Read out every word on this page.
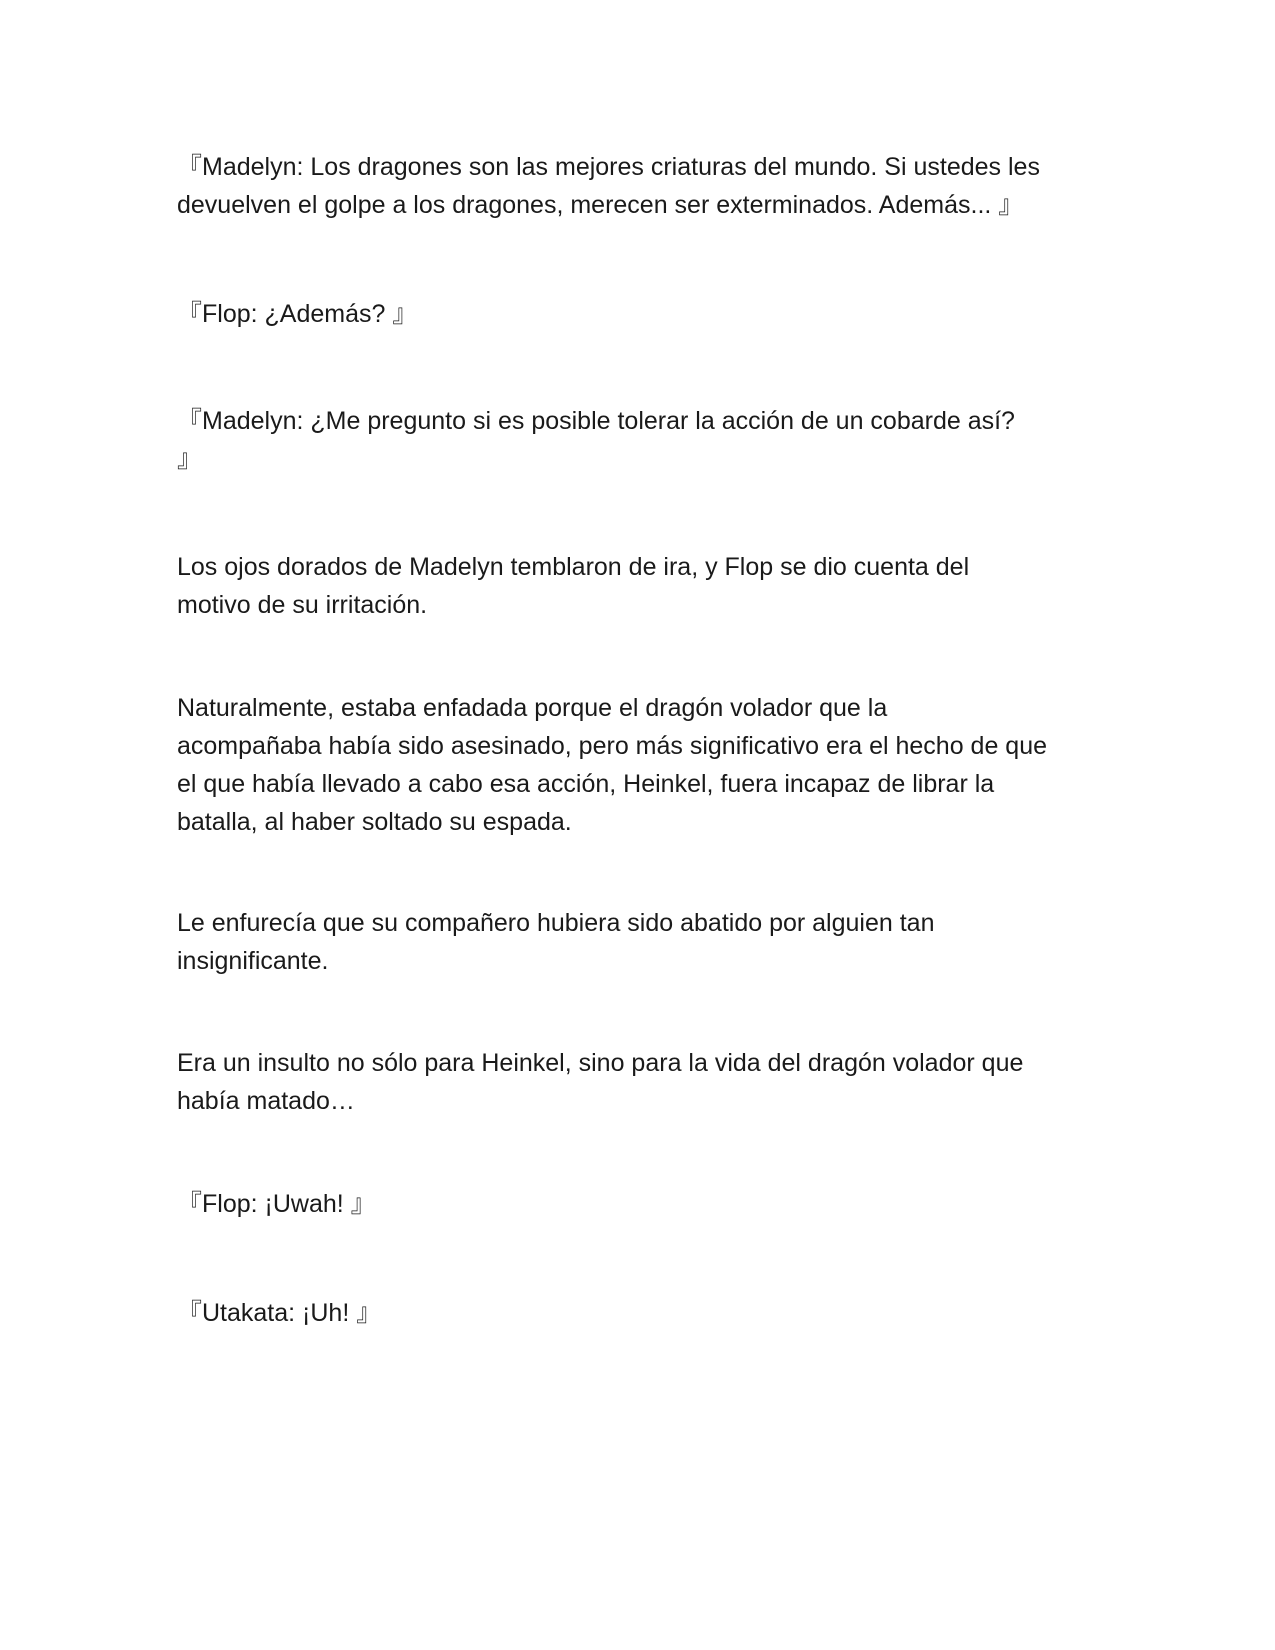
『Madelyn: Los dragones son las mejores criaturas del mundo. Si ustedes les
devuelven el golpe a los dragones, merecen ser exterminados. Además... 』

『Flop: ¿Además? 』

『Madelyn: ¿Me pregunto si es posible tolerar la acción de un cobarde así?
』

Los ojos dorados de Madelyn temblaron de ira, y Flop se dio cuenta del
motivo de su irritación.

Naturalmente, estaba enfadada porque el dragón volador que la
acompañaba había sido asesinado, pero más significativo era el hecho de que
el que había llevado a cabo esa acción, Heinkel, fuera incapaz de librar la
batalla, al haber soltado su espada.

Le enfurecía que su compañero hubiera sido abatido por alguien tan
insignificante.

Era un insulto no sólo para Heinkel, sino para la vida del dragón volador que
había matado…

『Flop: ¡Uwah! 』

『Utakata: ¡Uh! 』
